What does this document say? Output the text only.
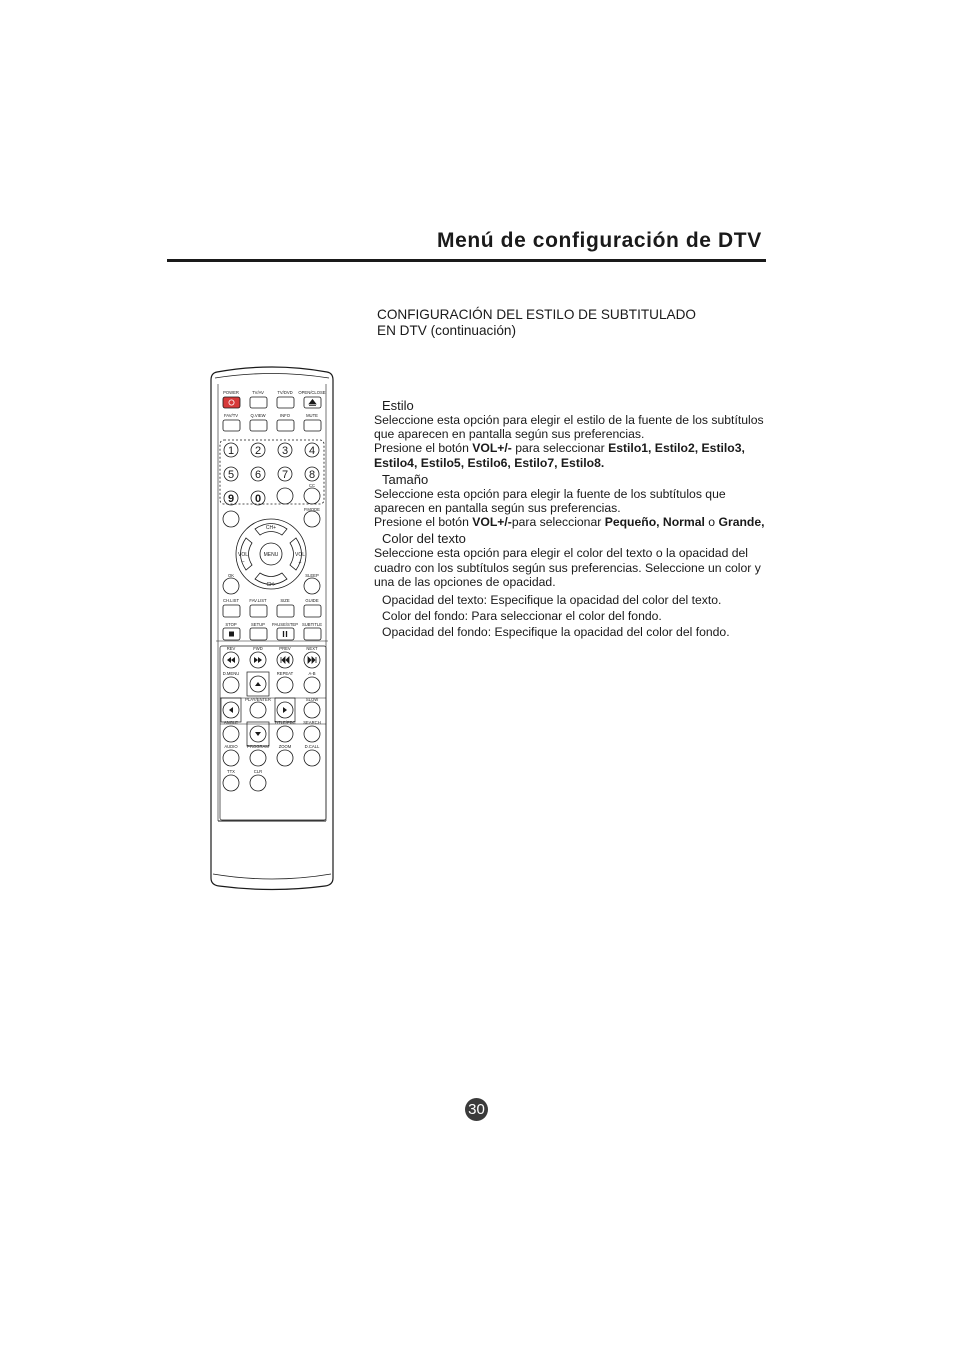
Menú de configuración de DTV
CONFIGURACIÓN DEL ESTILO DE SUBTITULADO
EN DTV (continuación)
Estilo

Seleccione esta opción para elegir el estilo de la fuente de los subtítulos que aparecen en pantalla según sus preferencias.

Presione el botón VOL+/- para seleccionar Estilo1, Estilo2, Estilo3, Estilo4, Estilo5, Estilo6, Estilo7, Estilo8.

Tamaño

Seleccione esta opción para elegir la fuente de los subtítulos que aparecen en pantalla según sus preferencias.

Presione el botón VOL+/-para seleccionar Pequeño, Normal o Grande,

Color del texto

Seleccione esta opción para elegir el color del texto o la opacidad del cuadro con los subtítulos según sus preferencias. Seleccione un color y una de las opciones de opacidad.

Opacidad del texto: Especifique la opacidad del color del texto.
Color del fondo: Para seleccionar el color del fondo.
Opacidad del fondo: Especifique la opacidad del color del fondo.
POWER	TV/AV	TV/DVD OPEN/CLOSE
FAV/TV	Q.VIEW	INFO	MUTE
1 2 3 4
5 6 7 8
9 0
CC
P.MODE
CH+
CH-
VOL
–
VOL
+
MENU
OK	SLEEP
CH.LIST FAV.LIST	SIZE	GUIDE
STOP	SETUP PAUSE/STEP SUBTITLE
REV	FWD	PREV	NEXT
D.MENU	REPEAT	A-B
PLAY/ENTER	SLOW
ANGLE	TITLE/PBC SEARCH
AUDIO PROGRAM ZOOM	D.CALL
TTX	CLR
30
